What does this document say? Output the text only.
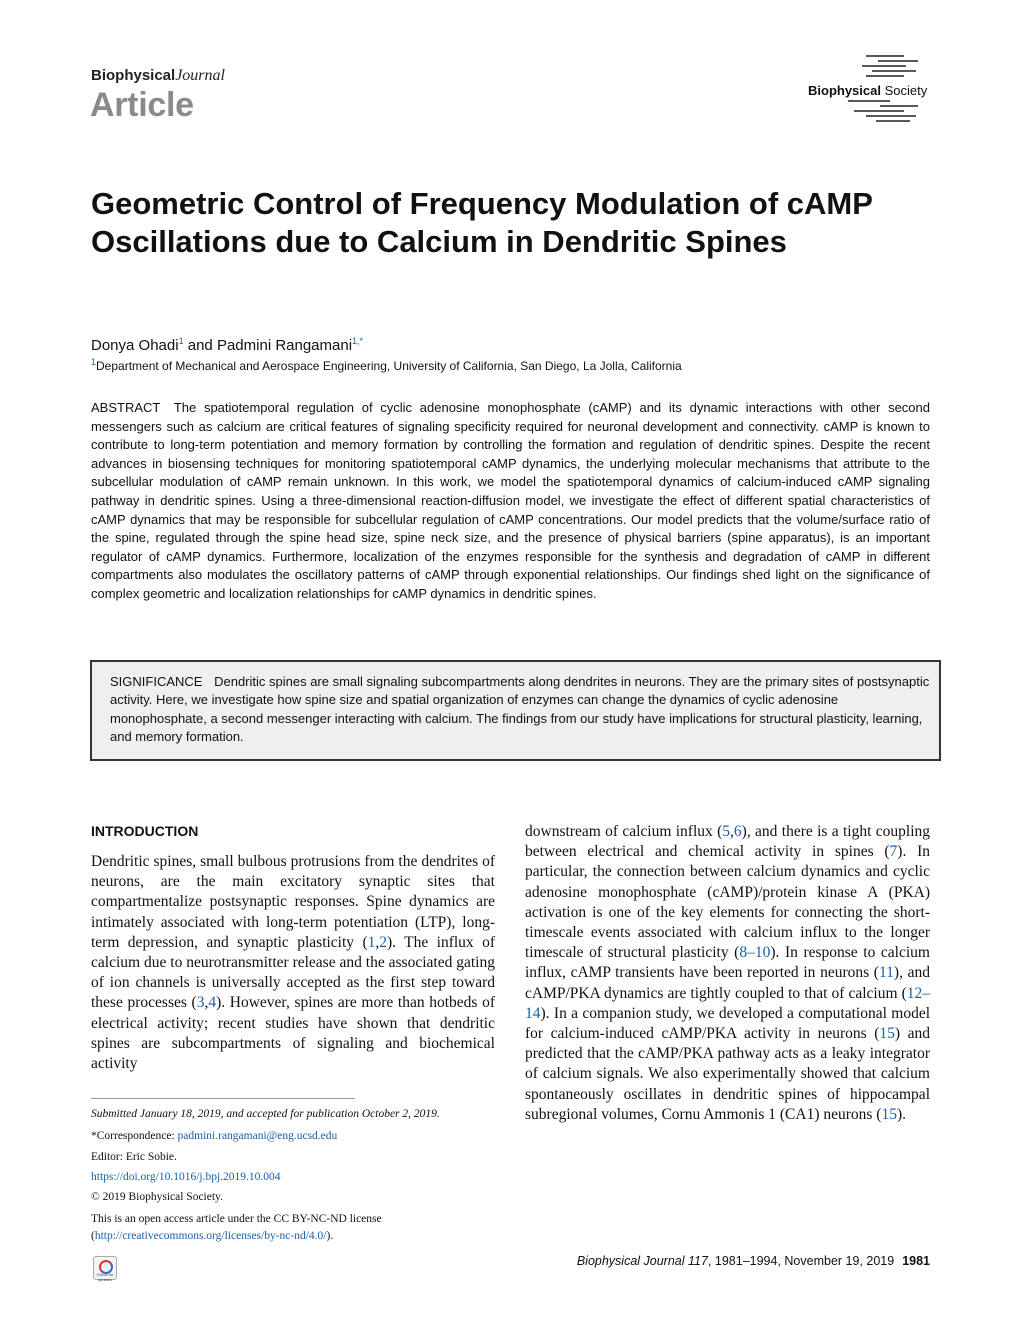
BiophysicalJournal
Article	Biophysical Society
Geometric Control of Frequency Modulation of cAMP Oscillations due to Calcium in Dendritic Spines
Donya Ohadi$^1$ and Padmini Rangamani$^{1,*}$
$^1$Department of Mechanical and Aerospace Engineering, University of California, San Diego, La Jolla, California
ABSTRACT The spatiotemporal regulation of cyclic adenosine monophosphate (cAMP) and its dynamic interactions with other second messengers such as calcium are critical features of signaling specificity required for neuronal development and connectivity. cAMP is known to contribute to long-term potentiation and memory formation by controlling the formation and regulation of dendritic spines. Despite the recent advances in biosensing techniques for monitoring spatiotemporal cAMP dynamics, the underlying molecular mechanisms that attribute to the subcellular modulation of cAMP remain unknown. In this work, we model the spatiotemporal dynamics of calcium-induced cAMP signaling pathway in dendritic spines. Using a three-dimensional reaction-diffusion model, we investigate the effect of different spatial characteristics of cAMP dynamics that may be responsible for subcellular regulation of cAMP concentrations. Our model predicts that the volume/surface ratio of the spine, regulated through the spine head size, spine neck size, and the presence of physical barriers (spine apparatus), is an important regulator of cAMP dynamics. Furthermore, localization of the enzymes responsible for the synthesis and degradation of cAMP in different compartments also modulates the oscillatory patterns of cAMP through exponential relationships. Our findings shed light on the significance of complex geometric and localization relationships for cAMP dynamics in dendritic spines.
SIGNIFICANCE Dendritic spines are small signaling subcompartments along dendrites in neurons. They are the primary sites of postsynaptic activity. Here, we investigate how spine size and spatial organization of enzymes can change the dynamics of cyclic adenosine monophosphate, a second messenger interacting with calcium. The findings from our study have implications for structural plasticity, learning, and memory formation.
INTRODUCTION
Dendritic spines, small bulbous protrusions from the dendrites of neurons, are the main excitatory synaptic sites that compartmentalize postsynaptic responses. Spine dynamics are intimately associated with long-term potentiation (LTP), long-term depression, and synaptic plasticity (1,2). The influx of calcium due to neurotransmitter release and the associated gating of ion channels is universally accepted as the first step toward these processes (3,4). However, spines are more than hotbeds of electrical activity; recent studies have shown that dendritic spines are subcompartments of signaling and biochemical activity
downstream of calcium influx (5,6), and there is a tight coupling between electrical and chemical activity in spines (7). In particular, the connection between calcium dynamics and cyclic adenosine monophosphate (cAMP)/protein kinase A (PKA) activation is one of the key elements for connecting the short-timescale events associated with calcium influx to the longer timescale of structural plasticity (8–10). In response to calcium influx, cAMP transients have been reported in neurons (11), and cAMP/PKA dynamics are tightly coupled to that of calcium (12–14). In a companion study, we developed a computational model for calcium-induced cAMP/PKA activity in neurons (15) and predicted that the cAMP/PKA pathway acts as a leaky integrator of calcium signals. We also experimentally showed that calcium spontaneously oscillates in dendritic spines of hippocampal subregional volumes, Cornu Ammonis 1 (CA1) neurons (15).
Submitted January 18, 2019, and accepted for publication October 2, 2019.
*Correspondence: padmini.rangamani@eng.ucsd.edu
Editor: Eric Sobie.
https://doi.org/10.1016/j.bpj.2019.10.004
© 2019 Biophysical Society.
This is an open access article under the CC BY-NC-ND license (http://creativecommons.org/licenses/by-nc-nd/4.0/).
Check for updates
Biophysical Journal 117, 1981–1994, November 19, 2019 1981
